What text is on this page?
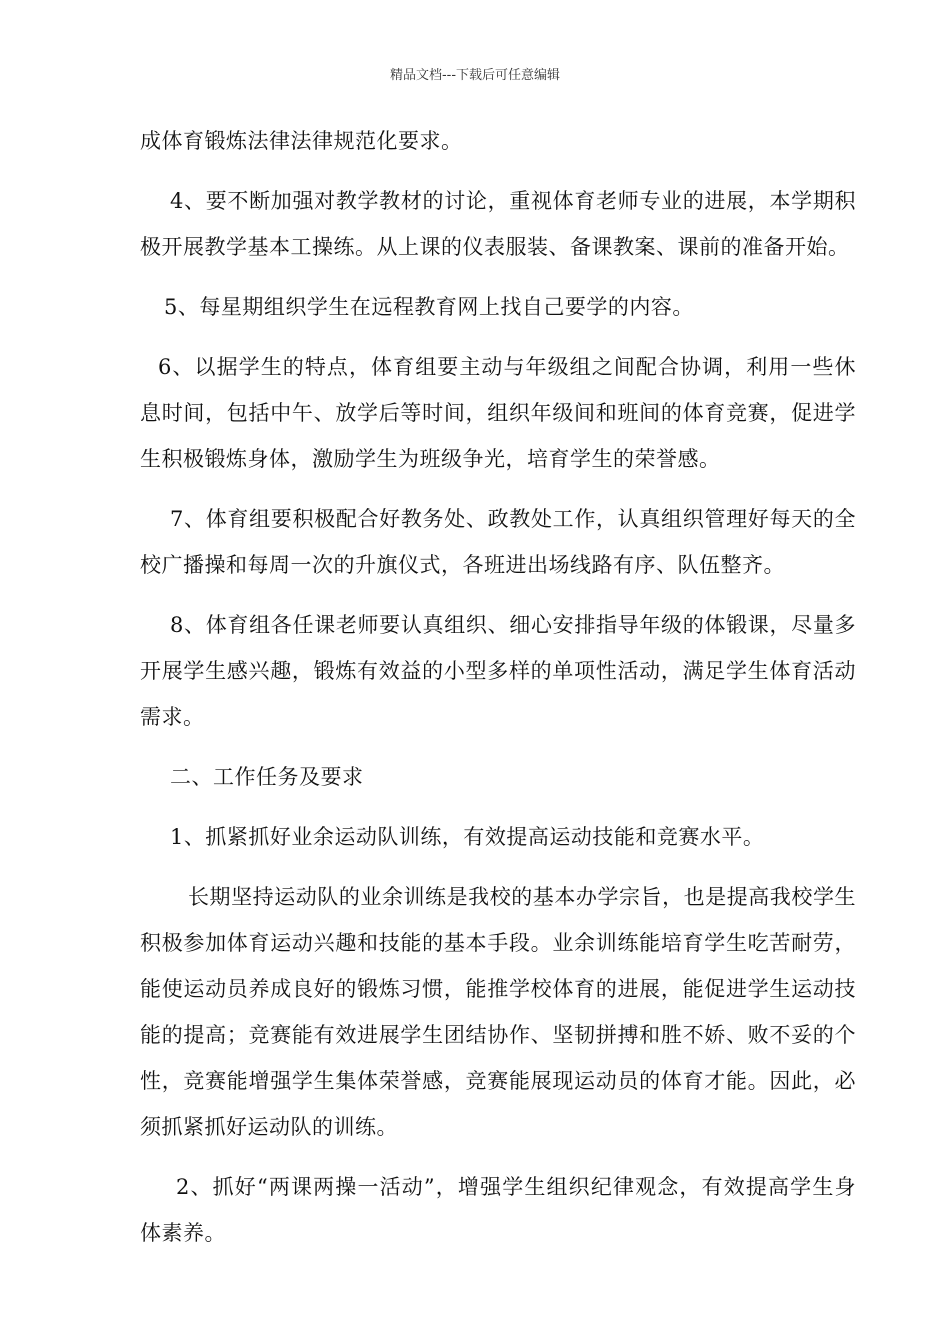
精品文档---下载后可任意编辑

成体育锻炼法律法律规范化要求。

4、要不断加强对教学教材的讨论，重视体育老师专业的进展，本学期积极开展教学基本工操练。从上课的仪表服装、备课教案、课前的准备开始。

5、每星期组织学生在远程教育网上找自己要学的内容。

6、以据学生的特点，体育组要主动与年级组之间配合协调，利用一些休息时间，包括中午、放学后等时间，组织年级间和班间的体育竞赛，促进学生积极锻炼身体，激励学生为班级争光，培育学生的荣誉感。

7、体育组要积极配合好教务处、政教处工作，认真组织管理好每天的全校广播操和每周一次的升旗仪式，各班进出场线路有序、队伍整齐。

8、体育组各任课老师要认真组织、细心安排指导年级的体锻课，尽量多开展学生感兴趣，锻炼有效益的小型多样的单项性活动，满足学生体育活动需求。

二、工作任务及要求

1、抓紧抓好业余运动队训练，有效提高运动技能和竞赛水平。

长期坚持运动队的业余训练是我校的基本办学宗旨，也是提高我校学生积极参加体育运动兴趣和技能的基本手段。业余训练能培育学生吃苦耐劳，能使运动员养成良好的锻炼习惯，能推学校体育的进展，能促进学生运动技能的提高；竞赛能有效进展学生团结协作、坚韧拼搏和胜不娇、败不妥的个性，竞赛能增强学生集体荣誉感，竞赛能展现运动员的体育才能。因此，必须抓紧抓好运动队的训练。

2、抓好“两课两操一活动”，增强学生组织纪律观念，有效提高学生身体素养。
